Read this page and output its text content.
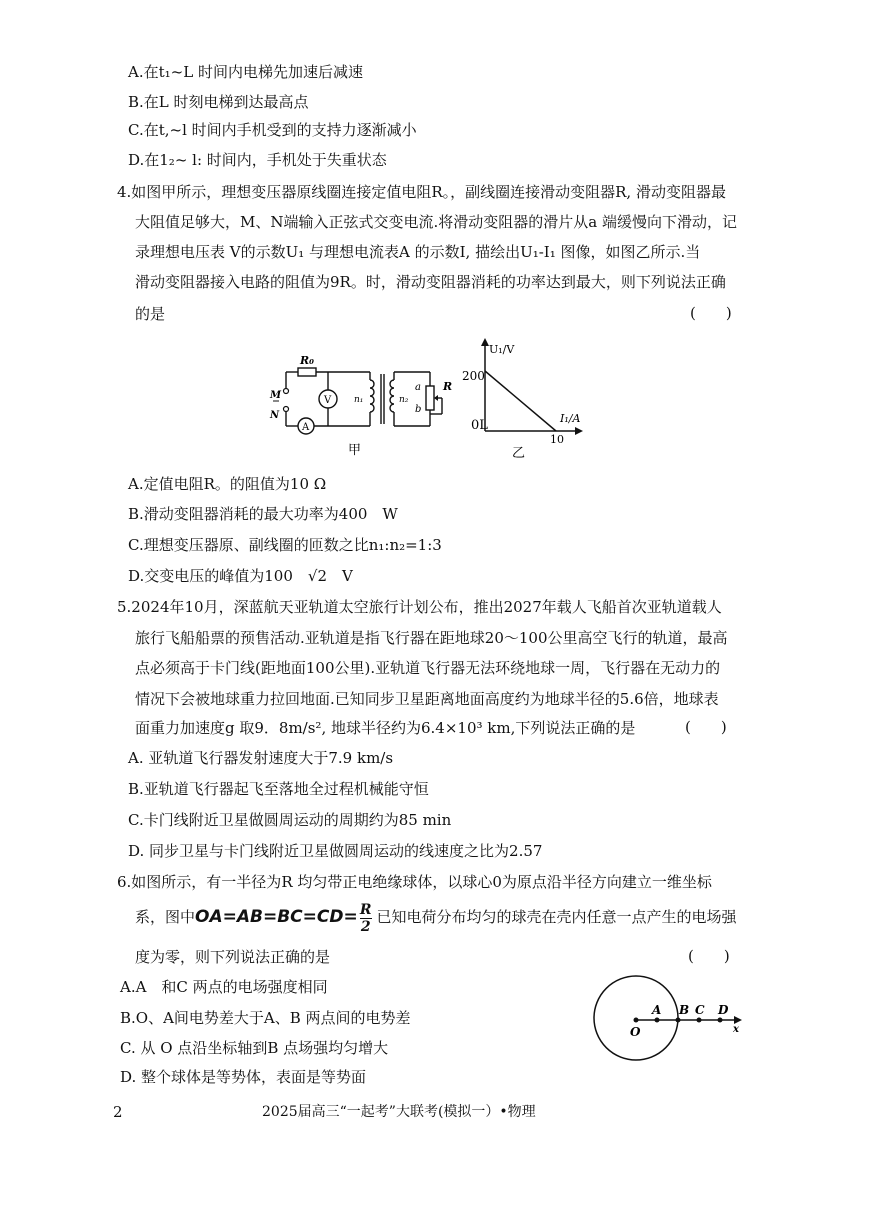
A.在t₁~L 时间内电梯先加速后减速
B.在L 时刻电梯到达最高点
C.在t,~l 时间内手机受到的支持力逐渐减小
D.在1₂~ l: 时间内，手机处于失重状态
4.如图甲所示，理想变压器原线圈连接定值电阻R。，副线圈连接滑动变阻器R, 滑动变阻器最
大阻值足够大，M、N端输入正弦式交变电流.将滑动变阻器的滑片从a 端缓慢向下滑动，记
录理想电压表 V的示数U₁ 与理想电流表A 的示数I, 描绘出U₁-I₁ 图像，如图乙所示.当
滑动变阻器接入电路的阻值为9R。时，滑动变阻器消耗的功率达到最大，则下列说法正确
的是	(　　)
R₀
M
N
V
A
n₁	n₂
a
b
R
甲
U₁/V
200
0L
10
I₁/A
乙
A.定值电阻R。的阻值为10 Ω
B.滑动变阻器消耗的最大功率为400　W
C.理想变压器原、副线圈的匝数之比n₁:n₂=1:3
D.交变电压的峰值为100　√2　V
5.2024年10月，深蓝航天亚轨道太空旅行计划公布，推出2027年载人飞船首次亚轨道载人
旅行飞船船票的预售活动.亚轨道是指飞行器在距地球20～100公里高空飞行的轨道，最高
点必须高于卡门线(距地面100公里).亚轨道飞行器无法环绕地球一周，飞行器在无动力的
情况下会被地球重力拉回地面.已知同步卫星距离地面高度约为地球半径的5.6倍，地球表
面重力加速度g 取9．8m/s², 地球半径约为6.4×10³ km,下列说法正确的是	(　　)
A. 亚轨道飞行器发射速度大于7.9 km/s
B.亚轨道飞行器起飞至落地全过程机械能守恒
C.卡门线附近卫星做圆周运动的周期约为85 min
D. 同步卫星与卡门线附近卫星做圆周运动的线速度之比为2.57
6.如图所示，有一半径为R 均匀带正电绝缘球体，以球心0为原点沿半径方向建立一维坐标
系，图中$OA=AB=BC=CD= \frac{R}{2}$ 已知电荷分布均匀的球壳在壳内任意一点产生的电场强
度为零，则下列说法正确的是	(　　)
O
A B C D
x
A.A　和C 两点的电场强度相同
B.O、A间电势差大于A、B 两点间的电势差
C. 从 O 点沿坐标轴到B 点场强均匀增大
D. 整个球体是等势体，表面是等势面
2	2025届高三“一起考”大联考(模拟一）•物理
